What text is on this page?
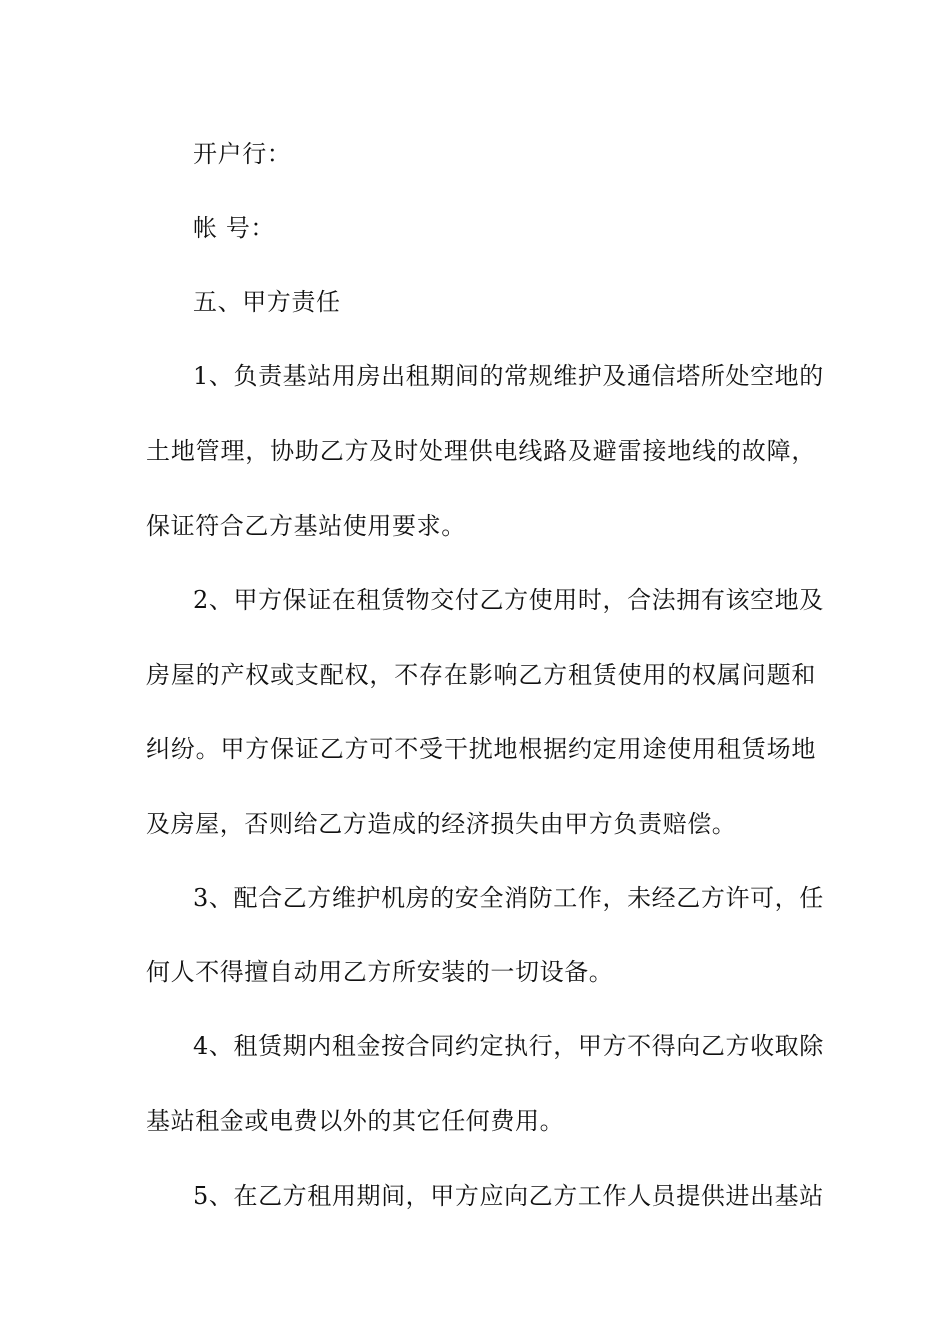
开户行：
帐 号：
五、甲方责任
1、负责基站用房出租期间的常规维护及通信塔所处空地的
土地管理，协助乙方及时处理供电线路及避雷接地线的故障，
保证符合乙方基站使用要求。
2、甲方保证在租赁物交付乙方使用时，合法拥有该空地及
房屋的产权或支配权，不存在影响乙方租赁使用的权属问题和
纠纷。甲方保证乙方可不受干扰地根据约定用途使用租赁场地
及房屋，否则给乙方造成的经济损失由甲方负责赔偿。
3、配合乙方维护机房的安全消防工作，未经乙方许可，任
何人不得擅自动用乙方所安装的一切设备。
4、租赁期内租金按合同约定执行，甲方不得向乙方收取除
基站租金或电费以外的其它任何费用。
5、在乙方租用期间，甲方应向乙方工作人员提供进出基站
